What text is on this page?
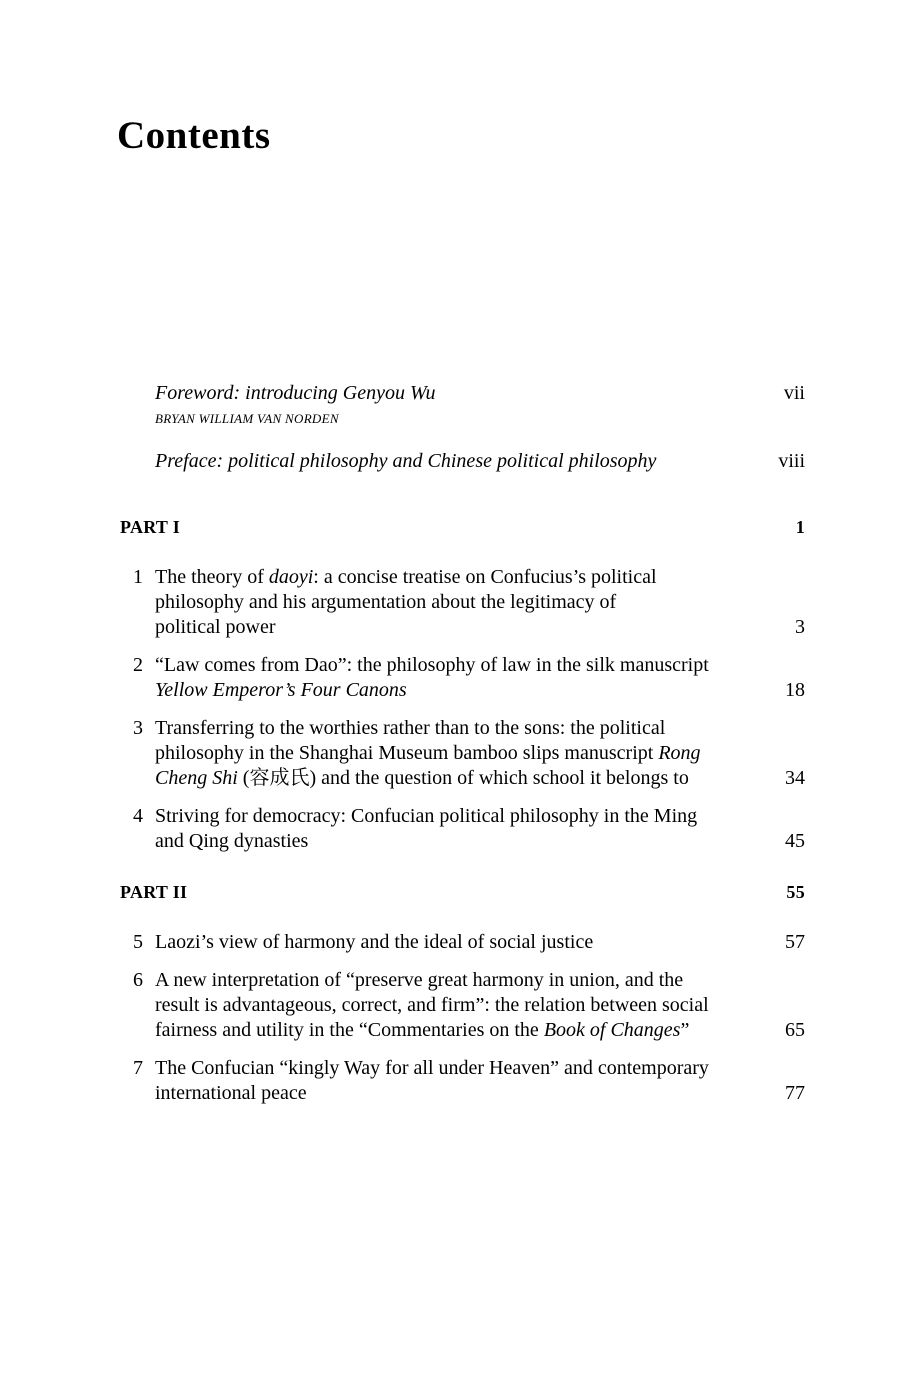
Contents
Foreword: introducing Genyou Wu	vii
BRYAN WILLIAM VAN NORDEN
Preface: political philosophy and Chinese political philosophy	viii
PART I	1
1 The theory of daoyi: a concise treatise on Confucius’s political
philosophy and his argumentation about the legitimacy of
political power	3
2 “Law comes from Dao”: the philosophy of law in the silk manuscript
Yellow Emperor’s Four Canons	18
3 Transferring to the worthies rather than to the sons: the political
philosophy in the Shanghai Museum bamboo slips manuscript Rong
Cheng Shi (容成氏) and the question of which school it belongs to	34
4 Striving for democracy: Confucian political philosophy in the Ming
and Qing dynasties	45
PART II	55
5 Laozi’s view of harmony and the ideal of social justice	57
6 A new interpretation of “preserve great harmony in union, and the
result is advantageous, correct, and firm”: the relation between social
fairness and utility in the “Commentaries on the Book of Changes”	65
7 The Confucian “kingly Way for all under Heaven” and contemporary
international peace	77
